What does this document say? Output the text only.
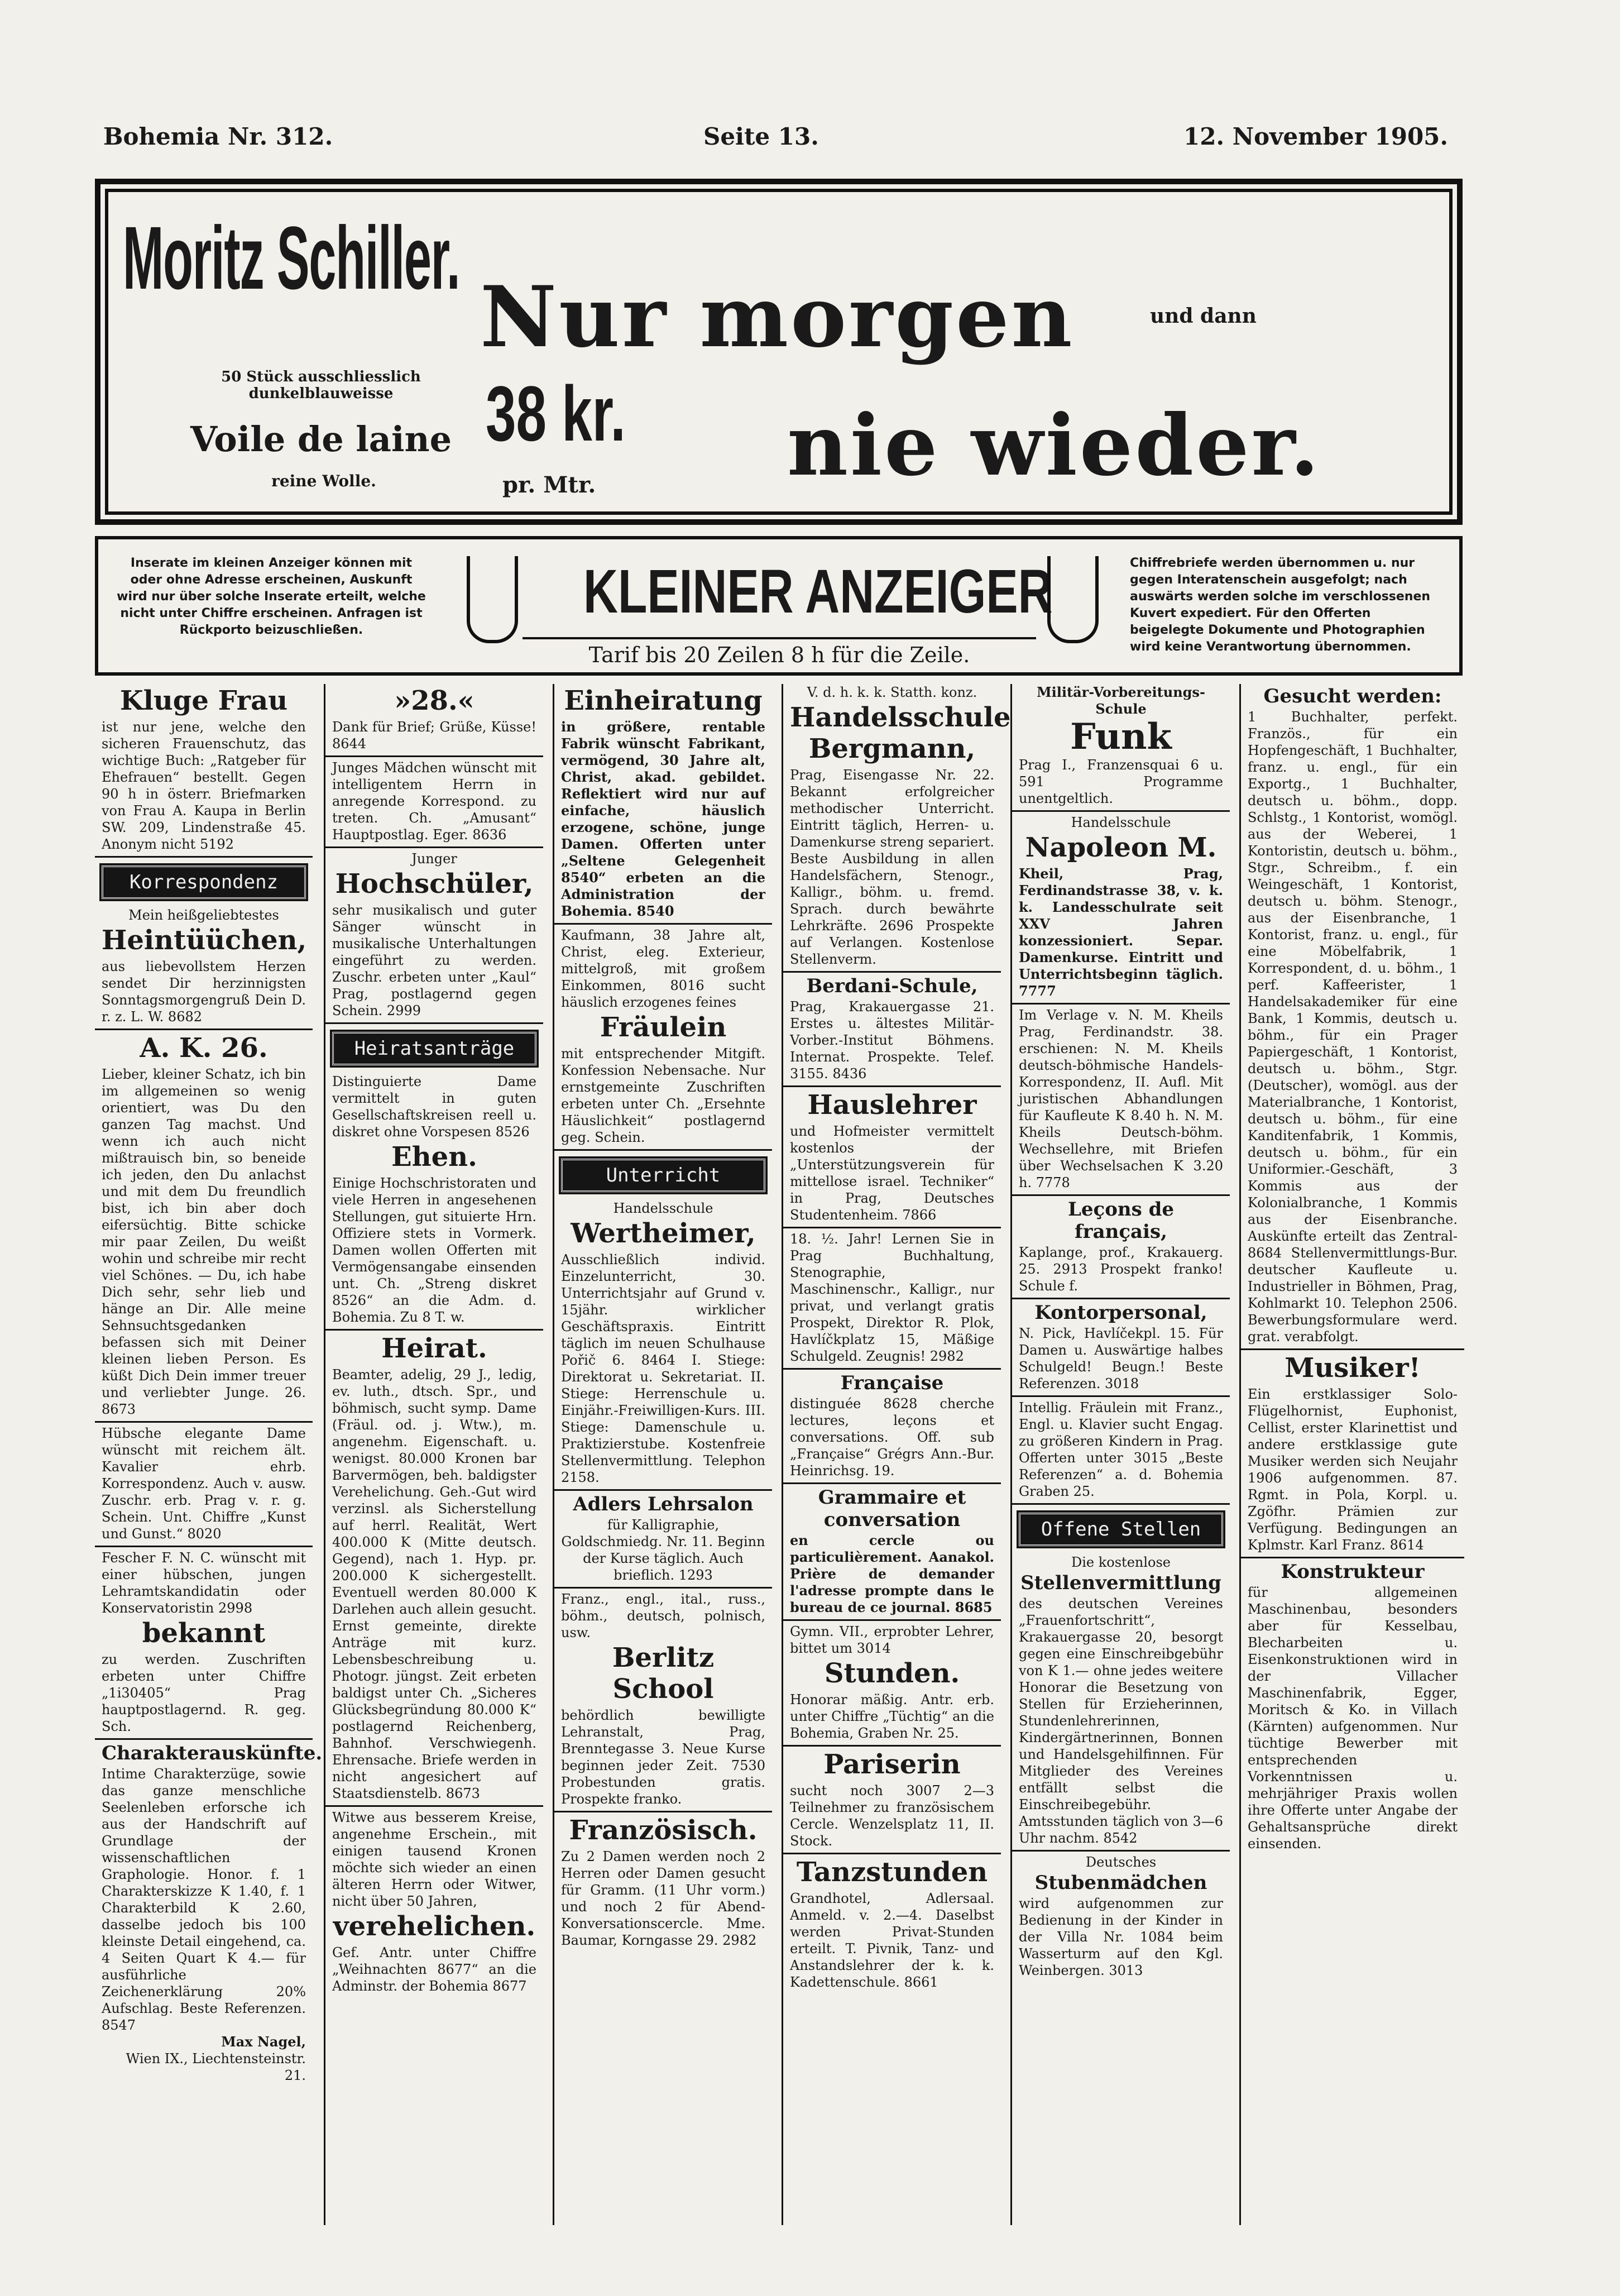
Bohemia Nr. 312.	Seite 13.	12. November 1905.
Moritz Schiller.
Nur morgen	und dann
nie wieder.
50 Stück ausschliesslich dunkelblauweisse
Voile de laine
reine Wolle.
38 kr.
pr. Mtr.
Inserate im kleinen Anzeiger können mit oder ohne Adresse erscheinen, Auskunft wird nur über solche Inserate erteilt, welche nicht unter Chiffre erscheinen. Anfragen ist Rückporto beizuschließen.
KLEINER ANZEIGER
Tarif bis 20 Zeilen 8 h für die Zeile.
Chiffrebriefe werden übernommen u. nur gegen Interatenschein ausgefolgt; nach auswärts werden solche im verschlossenen Kuvert expediert. Für den Offerten beigelegte Dokumente und Photographien wird keine Verantwortung übernommen.
Kluge Frau

ist nur jene, welche den sicheren Frauenschutz, das wichtige Buch: „Ratgeber für Ehefrauen“ bestellt. Gegen 90 h in österr. Briefmarken von Frau A. Kaupa in Berlin SW. 209, Lindenstraße 45. Anonym nicht 5192

Korrespondenz

Mein heißgeliebtestes

Heintüüchen,

aus liebevollstem Herzen sendet Dir herzinnigsten Sonntagsmorgengruß Dein D. r. z. L. W. 8682

A. K. 26.

Lieber, kleiner Schatz, ich bin im allgemeinen so wenig orientiert, was Du den ganzen Tag machst. Und wenn ich auch nicht mißtrauisch bin, so beneide ich jeden, den Du anlachst und mit dem Du freundlich bist, ich bin aber doch eifersüchtig. Bitte schicke mir paar Zeilen, Du weißt wohin und schreibe mir recht viel Schönes. — Du, ich habe Dich sehr, sehr lieb und hänge an Dir. Alle meine Sehnsuchtsgedanken befassen sich mit Deiner kleinen lieben Person. Es küßt Dich Dein immer treuer und verliebter Junge. 26. 8673

Hübsche elegante Dame wünscht mit reichem ält. Kavalier ehrb. Korrespondenz. Auch v. ausw. Zuschr. erb. Prag v. r. g. Schein. Unt. Chiffre „Kunst und Gunst.“ 8020

Fescher F. N. C. wünscht mit einer hübschen, jungen Lehramtskandidatin oder Konservatoristin 2998

bekannt

zu werden. Zuschriften erbeten unter Chiffre „1i30405“ Prag hauptpostlagernd. R. geg. Sch.

Charakterauskünfte.

Intime Charakterzüge, sowie das ganze menschliche Seelenleben erforsche ich aus der Handschrift auf Grundlage der wissenschaftlichen Graphologie. Honor. f. 1 Charakterskizze K 1.40, f. 1 Charakterbild K 2.60, dasselbe jedoch bis 100 kleinste Detail eingehend, ca. 4 Seiten Quart K 4.— für ausführliche Zeichenerklärung 20% Aufschlag. Beste Referenzen. 8547

Max Nagel,

Wien IX., Liechtensteinstr. 21.

»28.«

Dank für Brief; Grüße, Küsse! 8644

Junges Mädchen wünscht mit intelligentem Herrn in anregende Korrespond. zu treten. Ch. „Amusant“ Hauptpostlag. Eger. 8636

Junger

Hochschüler,

sehr musikalisch und guter Sänger wünscht in musikalische Unterhaltungen eingeführt zu werden. Zuschr. erbeten unter „Kaul“ Prag, postlagernd gegen Schein. 2999

Heiratsanträge

Distinguierte Dame vermittelt in guten Gesellschaftskreisen reell u. diskret ohne Vorspesen 8526

Ehen.

Einige Hochschristoraten und viele Herren in angesehenen Stellungen, gut situierte Hrn. Offiziere stets in Vormerk. Damen wollen Offerten mit Vermögensangabe einsenden unt. Ch. „Streng diskret 8526“ an die Adm. d. Bohemia. Zu 8 T. w.

Heirat.

Beamter, adelig, 29 J., ledig, ev. luth., dtsch. Spr., und böhmisch, sucht symp. Dame (Fräul. od. j. Wtw.), m. angenehm. Eigenschaft. u. wenigst. 80.000 Kronen bar Barvermögen, beh. baldigster Verehelichung. Geh.-Gut wird verzinsl. als Sicherstellung auf herrl. Realität, Wert 400.000 K (Mitte deutsch. Gegend), nach 1. Hyp. pr. 200.000 K sichergestellt. Eventuell werden 80.000 K Darlehen auch allein gesucht. Ernst gemeinte, direkte Anträge mit kurz. Lebensbeschreibung u. Photogr. jüngst. Zeit erbeten baldigst unter Ch. „Sicheres Glücksbegründung 80.000 K“ postlagernd Reichenberg, Bahnhof. Verschwiegenh. Ehrensache. Briefe werden in nicht angesichert auf Staatsdienstelb. 8673

Witwe aus besserem Kreise, angenehme Erschein., mit einigen tausend Kronen möchte sich wieder an einen älteren Herrn oder Witwer, nicht über 50 Jahren,

verehelichen.

Gef. Antr. unter Chiffre „Weihnachten 8677“ an die Adminstr. der Bohemia 8677

Einheiratung

in größere, rentable Fabrik wünscht Fabrikant, vermögend, 30 Jahre alt, Christ, akad. gebildet. Reflektiert wird nur auf einfache, häuslich erzogene, schöne, junge Damen. Offerten unter „Seltene Gelegenheit 8540“ erbeten an die Administration der Bohemia. 8540

Kaufmann, 38 Jahre alt, Christ, eleg. Exterieur, mittelgroß, mit großem Einkommen, 8016 sucht häuslich erzogenes feines

Fräulein

mit entsprechender Mitgift. Konfession Nebensache. Nur ernstgemeinte Zuschriften erbeten unter Ch. „Ersehnte Häuslichkeit“ postlagernd geg. Schein.

Unterricht

Handelsschule

Wertheimer,

Ausschließlich individ. Einzelunterricht, 30. Unterrichtsjahr auf Grund v. 15jähr. wirklicher Geschäftspraxis. Eintritt täglich im neuen Schulhause Pořič 6. 8464 I. Stiege: Direktorat u. Sekretariat. II. Stiege: Herrenschule u. Einjähr.-Freiwilligen-Kurs. III. Stiege: Damenschule u. Praktizierstube. Kostenfreie Stellenvermittlung. Telephon 2158.

Adlers Lehrsalon

für Kalligraphie, Goldschmiedg. Nr. 11. Beginn der Kurse täglich. Auch brieflich. 1293

Franz., engl., ital., russ., böhm., deutsch, polnisch, usw.

Berlitz School

behördlich bewilligte Lehranstalt, Prag, Brenntegasse 3. Neue Kurse beginnen jeder Zeit. 7530 Probestunden gratis. Prospekte franko.

Französisch.

Zu 2 Damen werden noch 2 Herren oder Damen gesucht für Gramm. (11 Uhr vorm.) und noch 2 für Abend-Konversationscercle. Mme. Baumar, Korngasse 29. 2982

V. d. h. k. k. Statth. konz.

Handelsschule Bergmann,

Prag, Eisengasse Nr. 22. Bekannt erfolgreicher methodischer Unterricht. Eintritt täglich, Herren- u. Damenkurse streng separiert. Beste Ausbildung in allen Handelsfächern, Stenogr., Kalligr., böhm. u. fremd. Sprach. durch bewährte Lehrkräfte. 2696 Prospekte auf Verlangen. Kostenlose Stellenverm.

Berdani-Schule,

Prag, Krakauergasse 21. Erstes u. ältestes Militär-Vorber.-Institut Böhmens. Internat. Prospekte. Telef. 3155. 8436

Hauslehrer

und Hofmeister vermittelt kostenlos der „Unterstützungsverein für mittellose israel. Techniker“ in Prag, Deutsches Studentenheim. 7866

18. ½. Jahr! Lernen Sie in Prag Buchhaltung, Stenographie, Maschinenschr., Kalligr., nur privat, und verlangt gratis Prospekt, Direktor R. Plok, Havlíčkplatz 15, Mäßige Schulgeld. Zeugnis! 2982

Française

distinguée 8628 cherche lectures, leçons et conversations. Off. sub „Française“ Grégrs Ann.-Bur. Heinrichsg. 19.

Grammaire et conversation

en cercle ou particulièrement. Aanakol. Prière de demander l'adresse prompte dans le bureau de ce journal. 8685

Gymn. VII., erprobter Lehrer, bittet um 3014

Stunden.

Honorar mäßig. Antr. erb. unter Chiffre „Tüchtig“ an die Bohemia, Graben Nr. 25.

Pariserin

sucht noch 3007 2—3 Teilnehmer zu französischem Cercle. Wenzelsplatz 11, II. Stock.

Tanzstunden

Grandhotel, Adlersaal. Anmeld. v. 2.—4. Daselbst werden Privat-Stunden erteilt. T. Pivnik, Tanz- und Anstandslehrer der k. k. Kadettenschule. 8661

Militär-Vorbereitungs-Schule

Funk

Prag I., Franzensquai 6 u. 591 Programme unentgeltlich.

Handelsschule

Napoleon M.

Kheil, Prag, Ferdinandstrasse 38, v. k. k. Landesschulrate seit XXV Jahren konzessioniert. Separ. Damenkurse. Eintritt und Unterrichtsbeginn täglich. 7777

Im Verlage v. N. M. Kheils Prag, Ferdinandstr. 38. erschienen: N. M. Kheils deutsch-böhmische Handels-Korrespondenz, II. Aufl. Mit juristischen Abhandlungen für Kaufleute K 8.40 h. N. M. Kheils Deutsch-böhm. Wechsellehre, mit Briefen über Wechselsachen K 3.20 h. 7778

Leçons de français,

Kaplange, prof., Krakauerg. 25. 2913 Prospekt franko! Schule f.

Kontorpersonal,

N. Pick, Havlíčekpl. 15. Für Damen u. Auswärtige halbes Schulgeld! Beugn.! Beste Referenzen. 3018

Intellig. Fräulein mit Franz., Engl. u. Klavier sucht Engag. zu größeren Kindern in Prag. Offerten unter 3015 „Beste Referenzen“ a. d. Bohemia Graben 25.

Offene Stellen

Die kostenlose

Stellenvermittlung

des deutschen Vereines „Frauenfortschritt“, Krakauergasse 20, besorgt gegen eine Einschreibgebühr von K 1.— ohne jedes weitere Honorar die Besetzung von Stellen für Erzieherinnen, Stundenlehrerinnen, Kindergärtnerinnen, Bonnen und Handelsgehilfinnen. Für Mitglieder des Vereines entfällt selbst die Einschreibegebühr. Amtsstunden täglich von 3—6 Uhr nachm. 8542

Deutsches

Stubenmädchen

wird aufgenommen zur Bedienung in der Kinder in der Villa Nr. 1084 beim Wasserturm auf den Kgl. Weinbergen. 3013

Gesucht werden:

1 Buchhalter, perfekt. Französ., für ein Hopfengeschäft, 1 Buchhalter, franz. u. engl., für ein Exportg., 1 Buchhalter, deutsch u. böhm., dopp. Schlstg., 1 Kontorist, womögl. aus der Weberei, 1 Kontoristin, deutsch u. böhm., Stgr., Schreibm., f. ein Weingeschäft, 1 Kontorist, deutsch u. böhm. Stenogr., aus der Eisenbranche, 1 Kontorist, franz. u. engl., für eine Möbelfabrik, 1 Korrespondent, d. u. böhm., 1 perf. Kaffeerister, 1 Handelsakademiker für eine Bank, 1 Kommis, deutsch u. böhm., für ein Prager Papiergeschäft, 1 Kontorist, deutsch u. böhm., Stgr. (Deutscher), womögl. aus der Materialbranche, 1 Kontorist, deutsch u. böhm., für eine Kanditenfabrik, 1 Kommis, deutsch u. böhm., für ein Uniformier.-Geschäft, 3 Kommis aus der Kolonialbranche, 1 Kommis aus der Eisenbranche. Auskünfte erteilt das Zentral- 8684 Stellenvermittlungs-Bur. deutscher Kaufleute u. Industrieller in Böhmen, Prag, Kohlmarkt 10. Telephon 2506. Bewerbungsformulare werd. grat. verabfolgt.

Musiker!

Ein erstklassiger Solo-Flügelhornist, Euphonist, Cellist, erster Klarinettist und andere erstklassige gute Musiker werden sich Neujahr 1906 aufgenommen. 87. Rgmt. in Pola, Korpl. u. Zgöfhr. Prämien zur Verfügung. Bedingungen an Kplmstr. Karl Franz. 8614

Konstrukteur

für allgemeinen Maschinenbau, besonders aber für Kesselbau, Blecharbeiten u. Eisenkonstruktionen wird in der Villacher Maschinenfabrik, Egger, Moritsch & Ko. in Villach (Kärnten) aufgenommen. Nur tüchtige Bewerber mit entsprechenden Vorkenntnissen u. mehrjähriger Praxis wollen ihre Offerte unter Angabe der Gehaltsansprüche direkt einsenden.
